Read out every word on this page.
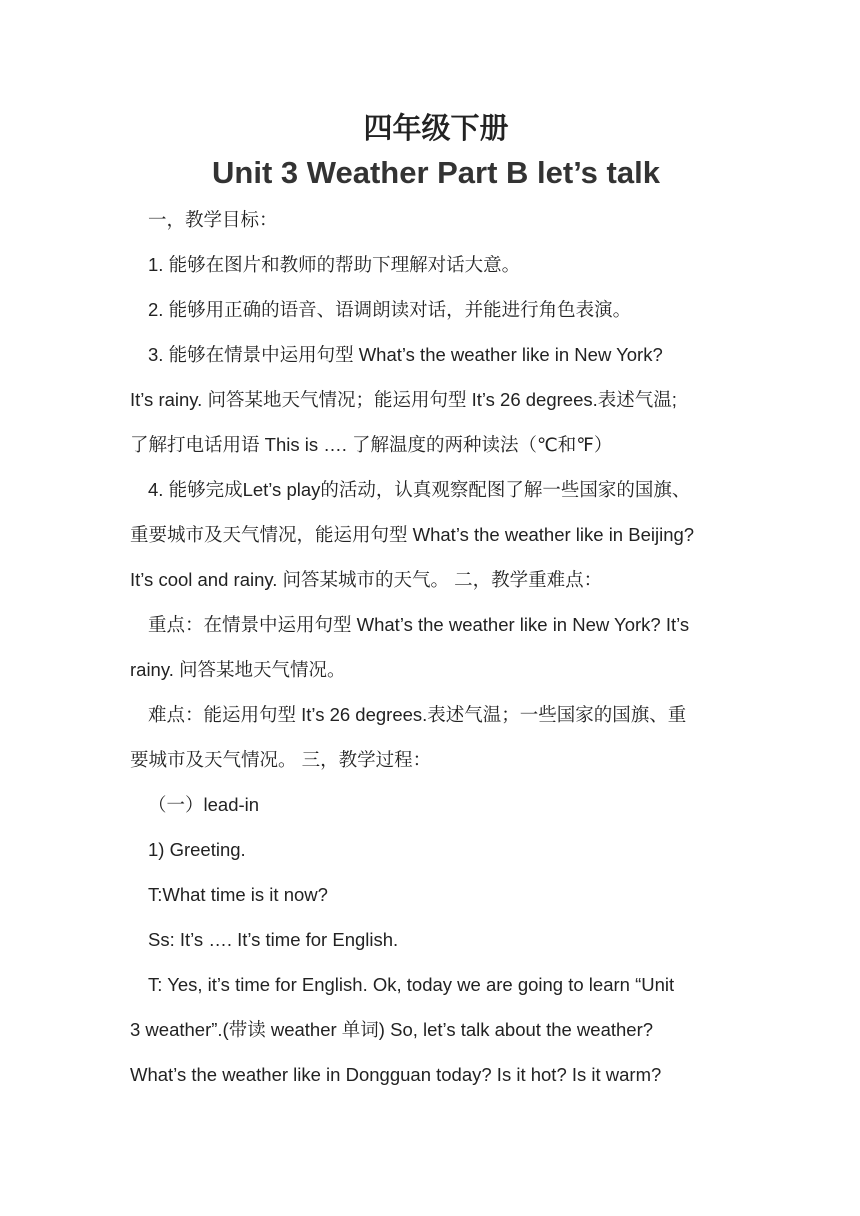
四年级下册
Unit 3 Weather Part B let’s talk

一，教学目标：

1. 能够在图片和教师的帮助下理解对话大意。

2. 能够用正确的语音、语调朗读对话，并能进行角色表演。

3. 能够在情景中运用句型 What’s the weather like in New York?

It’s rainy. 问答某地天气情况；能运用句型 It’s 26 degrees.表述气温;

了解打电话用语 This is …. 了解温度的两种读法（℃和℉）

4. 能够完成Let’s play的活动，认真观察配图了解一些国家的国旗、

重要城市及天气情况，能运用句型 What’s the weather like in Beijing?

It’s cool and rainy. 问答某城市的天气。 二，教学重难点：

重点：在情景中运用句型 What’s the weather like in New York? It’s

rainy. 问答某地天气情况。

难点：能运用句型 It’s 26 degrees.表述气温；一些国家的国旗、重

要城市及天气情况。 三，教学过程：

（一）lead-in

1) Greeting.

T:What time is it now?

Ss: It’s …. It’s time for English.

T: Yes, it’s time for English. Ok, today we are going to learn “Unit

3 weather”.(带读 weather 单词) So, let’s talk about the weather?

What’s the weather like in Dongguan today? Is it hot? Is it warm?
